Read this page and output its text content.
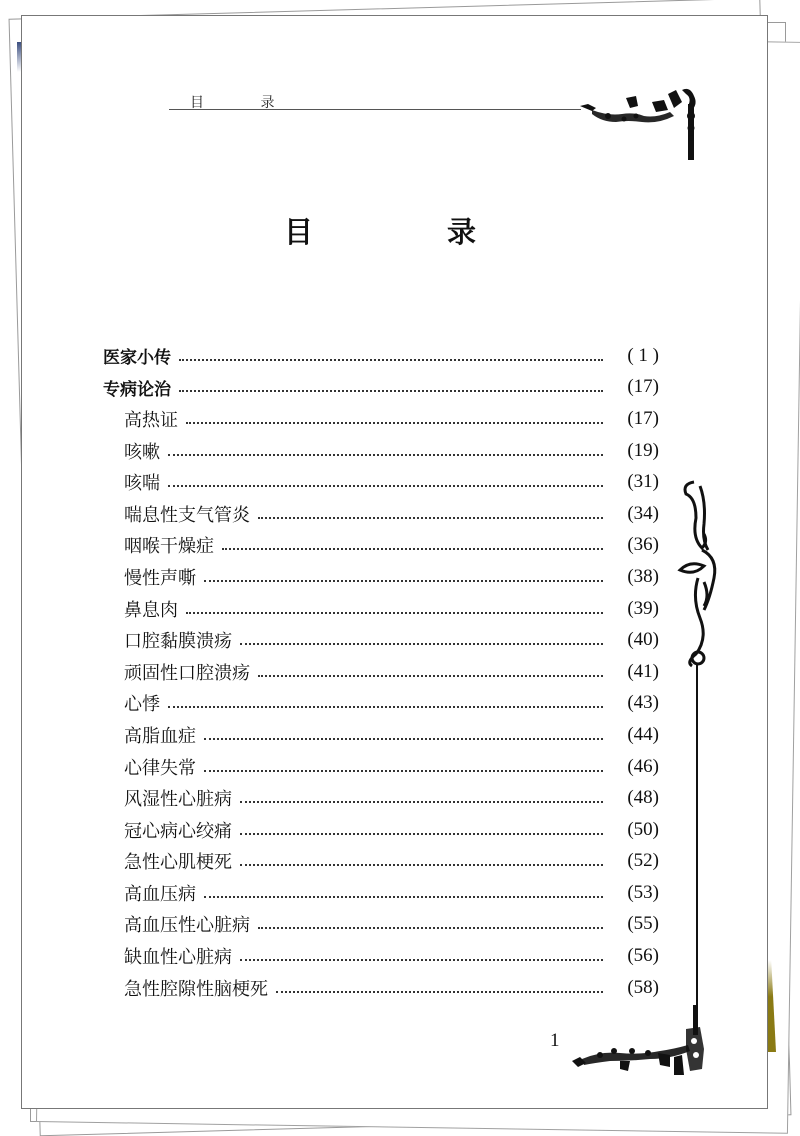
目 录
目 录
医家小传	( 1 )
专病论治	(17)
高热证	(17)
咳嗽	(19)
咳喘	(31)
喘息性支气管炎	(34)
咽喉干燥症	(36)
慢性声嘶	(38)
鼻息肉	(39)
口腔黏膜溃疡	(40)
顽固性口腔溃疡	(41)
心悸	(43)
高脂血症	(44)
心律失常	(46)
风湿性心脏病	(48)
冠心病心绞痛	(50)
急性心肌梗死	(52)
高血压病	(53)
高血压性心脏病	(55)
缺血性心脏病	(56)
急性腔隙性脑梗死	(58)
1
